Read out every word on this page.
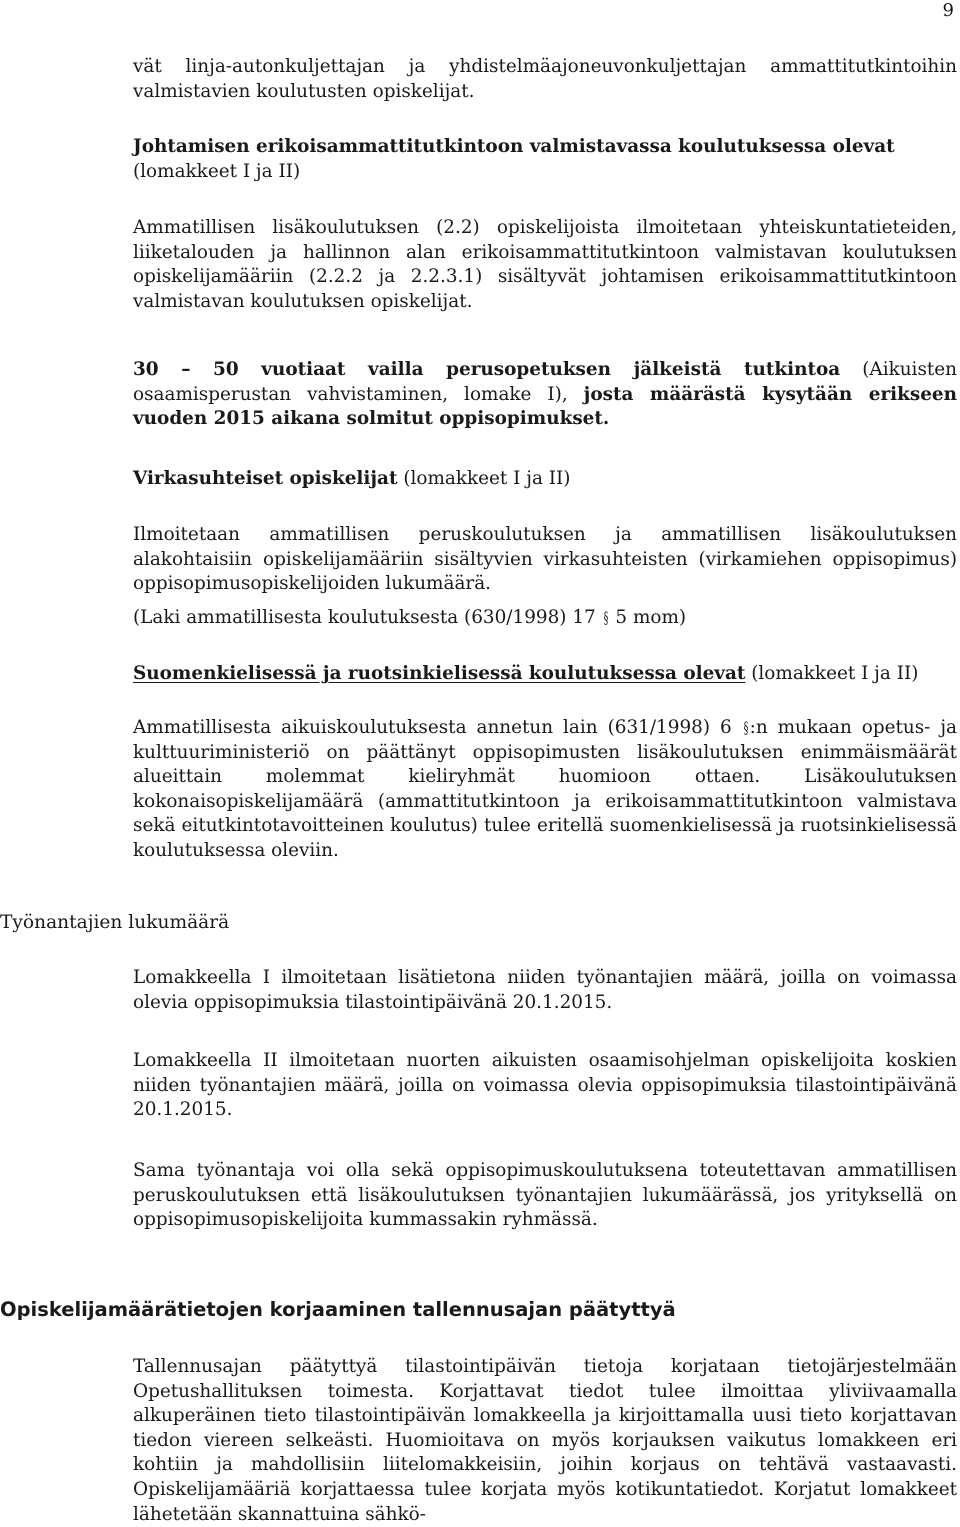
9
vät linja-autonkuljettajan ja yhdistelmäajoneuvonkuljettajan ammattitutkintoihin valmistavien koulutusten opiskelijat.
Johtamisen erikoisammattitutkintoon valmistavassa koulutuksessa olevat (lomakkeet I ja II)
Ammatillisen lisäkoulutuksen (2.2) opiskelijoista ilmoitetaan yhteiskuntatieteiden, liiketalouden ja hallinnon alan erikoisammattitutkintoon valmistavan koulutuksen opiskelijamääriin (2.2.2 ja 2.2.3.1) sisältyvät johtamisen erikoisammattitutkintoon valmistavan koulutuksen opiskelijat.
30 – 50 vuotiaat vailla perusopetuksen jälkeistä tutkintoa (Aikuisten osaamisperustan vahvistaminen, lomake I), josta määrästä kysytään erikseen vuoden 2015 aikana solmitut oppisopimukset.
Virkasuhteiset opiskelijat (lomakkeet I ja II)
Ilmoitetaan ammatillisen peruskoulutuksen ja ammatillisen lisäkoulutuksen alakohtaisiin opiskelijamääriin sisältyvien virkasuhteisten (virkamiehen oppisopimus) oppisopimusopiskelijoiden lukumäärä.
(Laki ammatillisesta koulutuksesta (630/1998) 17 § 5 mom)
Suomenkielisessä ja ruotsinkielisessä koulutuksessa olevat (lomakkeet I ja II)
Ammatillisesta aikuiskoulutuksesta annetun lain (631/1998) 6 §:n mukaan opetus- ja kulttuuriministeriö on päättänyt oppisopimusten lisäkoulutuksen enimmäismäärät alueittain molemmat kieliryhmät huomioon ottaen. Lisäkoulutuksen kokonaisopiskelijamäärä (ammattitutkintoon ja erikoisammattitutkintoon valmistava sekä eitutkintotavoitteinen koulutus) tulee eritellä suomenkielisessä ja ruotsinkielisessä koulutuksessa oleviin.
Työnantajien lukumäärä
Lomakkeella I ilmoitetaan lisätietona niiden työnantajien määrä, joilla on voimassa olevia oppisopimuksia tilastointipäivänä 20.1.2015.
Lomakkeella II ilmoitetaan nuorten aikuisten osaamisohjelman opiskelijoita koskien niiden työnantajien määrä, joilla on voimassa olevia oppisopimuksia tilastointipäivänä 20.1.2015.
Sama työnantaja voi olla sekä oppisopimuskoulutuksena toteutettavan ammatillisen peruskoulutuksen että lisäkoulutuksen työnantajien lukumäärässä, jos yrityksellä on oppisopimusopiskelijoita kummassakin ryhmässä.
Opiskelijamäärätietojen korjaaminen tallennusajan päätyttyä
Tallennusajan päätyttyä tilastointipäivän tietoja korjataan tietojärjestelmään Opetushallituksen toimesta. Korjattavat tiedot tulee ilmoittaa yliviivaamalla alkuperäinen tieto tilastointipäivän lomakkeella ja kirjoittamalla uusi tieto korjattavan tiedon viereen selkeästi. Huomioitava on myös korjauksen vaikutus lomakkeen eri kohtiin ja mahdollisiin liitelomakkeisiin, joihin korjaus on tehtävä vastaavasti. Opiskelijamääriä korjattaessa tulee korjata myös kotikuntatiedot. Korjatut lomakkeet lähetetään skannattuina sähkö-
